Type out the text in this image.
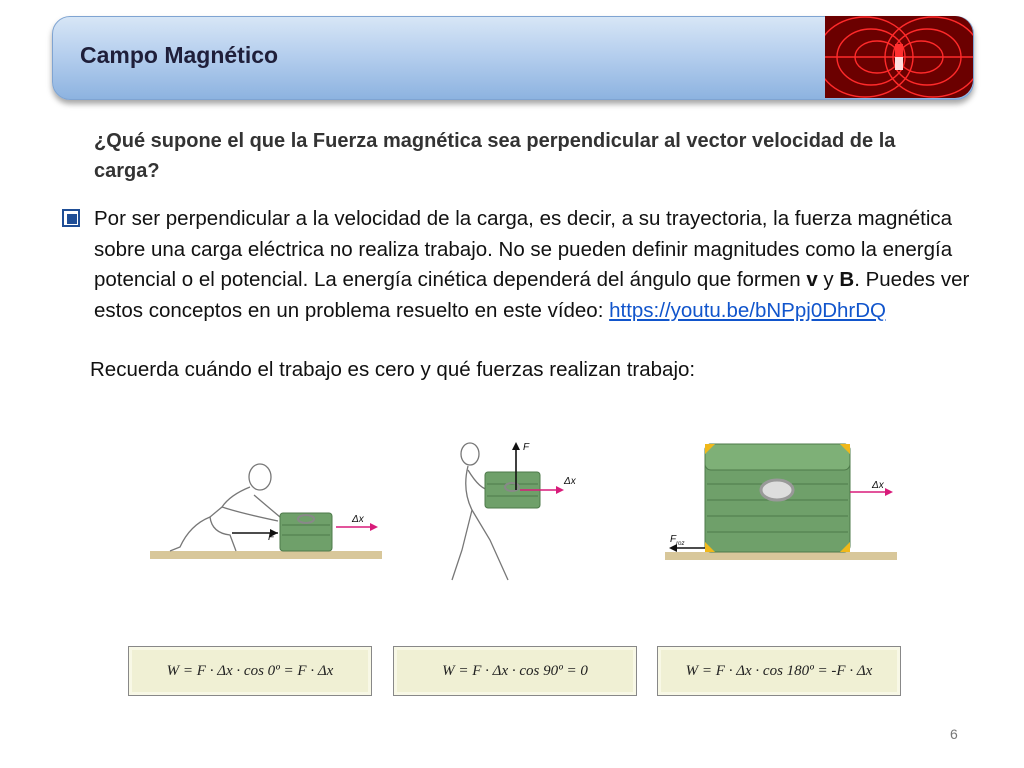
Campo Magnético
¿Qué supone el que la Fuerza magnética sea perpendicular al vector velocidad de la carga?
Por ser perpendicular a la velocidad de la carga, es decir, a su trayectoria, la fuerza magnética sobre una carga eléctrica no realiza trabajo. No se pueden definir magnitudes como la energía potencial o el potencial. La energía cinética dependerá del ángulo que formen v y B. Puedes ver estos conceptos en un problema resuelto en este vídeo: https://youtu.be/bNPpj0DhrDQ
Recuerda cuándo el trabajo es cero y qué fuerzas realizan trabajo:
F
Δx
F
Δx
$F_{roz}$
Δx
W = F · Δx · cos 0º = F · Δx	W = F · Δx · cos 90º = 0	W = F · Δx · cos 180º = -F · Δx
6
